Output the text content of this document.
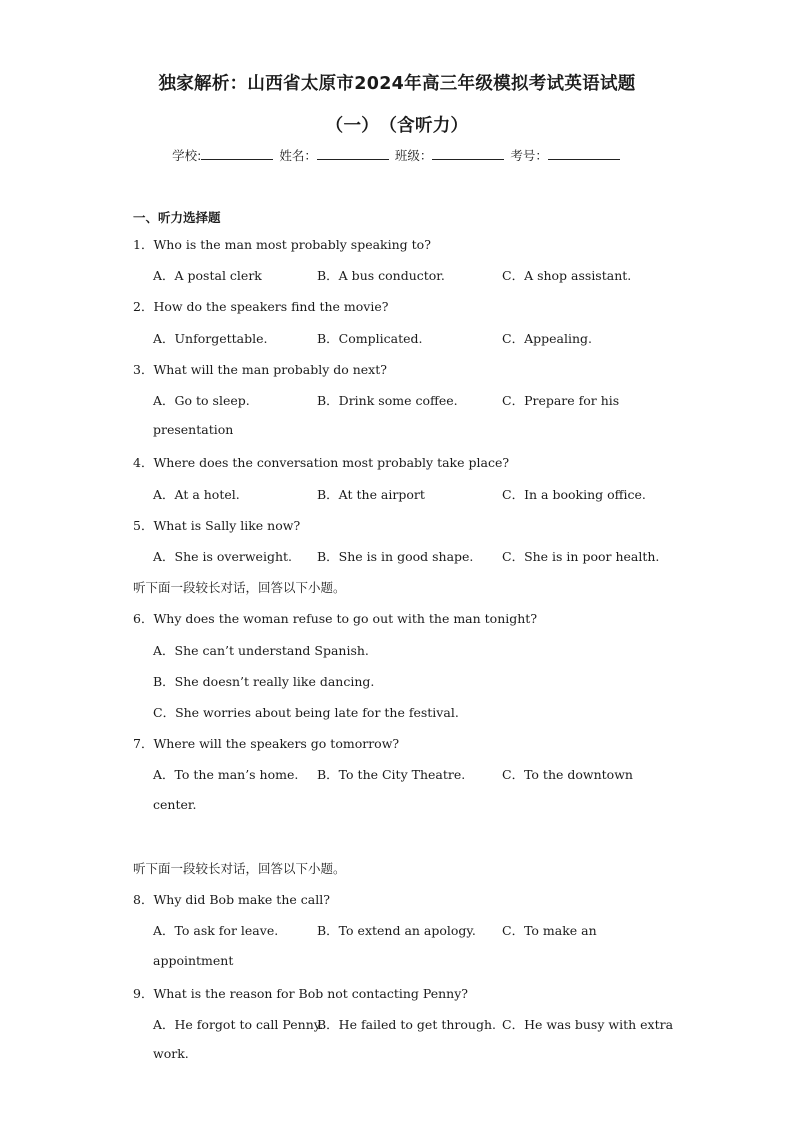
独家解析：山西省太原市2024年高三年级模拟考试英语试题
（一）　（含听力）
学校:	姓名：	班级：	考号：
一、听力选择题
1．Who is the man most probably speaking to?
A．A postal clerk	B．A bus conductor.	C．A shop assistant.
2．How do the speakers find the movie?
A．Unforgettable.	B．Complicated.	C．Appealing.
3．What will the man probably do next?
A．Go to sleep.	B．Drink some coffee.	C．Prepare for his
presentation
4．Where does the conversation most probably take place?
A．At a hotel.	B．At the airport	C．In a booking office.
5．What is Sally like now?
A．She is overweight. B．She is in good shape. C．She is in poor health.
听下面一段较长对话，回答以下小题。
6．Why does the woman refuse to go out with the man tonight?
A．She can’t understand Spanish.
B．She doesn’t really like dancing.
C．She worries about being late for the festival.
7．Where will the speakers go tomorrow?
A．To the man’s home. B．To the City Theatre.	C．To the downtown
center.
听下面一段较长对话，回答以下小题。
8．Why did Bob make the call?
A．To ask for leave.	B．To extend an apology. C．To make an
appointment
9．What is the reason for Bob not contacting Penny?
A．He forgot to call Penny.
B．He failed to get through. C．He was busy with extra
work.
